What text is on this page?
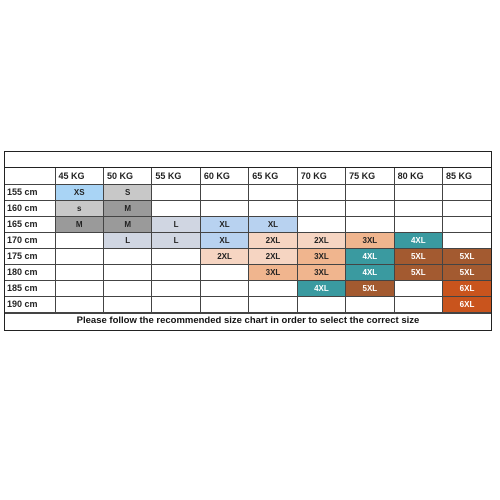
	45 KG	50 KG	55 KG	60 KG	65 KG	70 KG	75 KG	80 KG	85 KG
155 cm	XS	S							
160 cm	s	M							
165 cm	M	M	L	XL	XL				
170 cm		L	L	XL	2XL	2XL	3XL	4XL	
175 cm				2XL	2XL	3XL	4XL	5XL	5XL
180 cm					3XL	3XL	4XL	5XL	5XL
185 cm						4XL	5XL		6XL
190 cm									6XL
Please follow the recommended size chart in order to select the correct size
